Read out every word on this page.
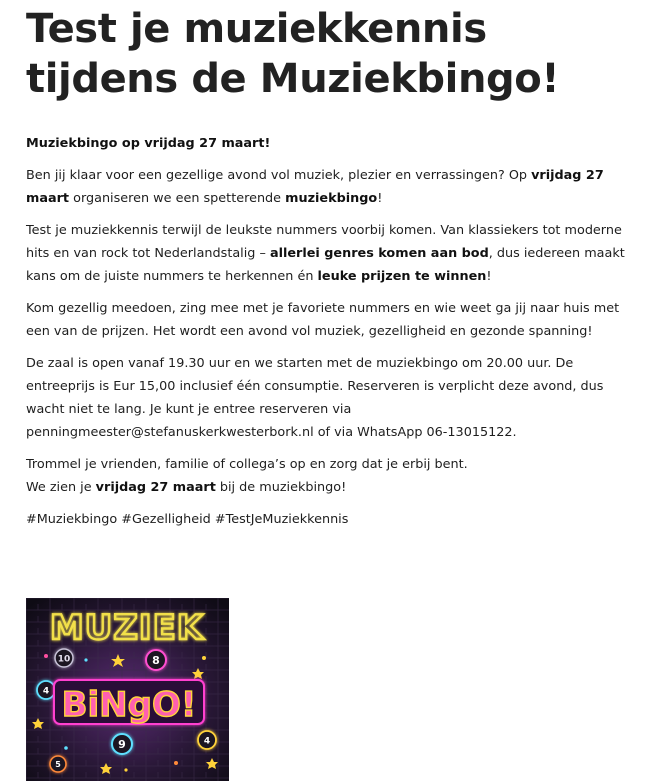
Test je muziekkennis tijdens de Muziekbingo!

Muziekbingo op vrijdag 27 maart!

Ben jij klaar voor een gezellige avond vol muziek, plezier en verrassingen? Op vrijdag 27 maart organiseren we een spetterende muziekbingo!

Test je muziekkennis terwijl de leukste nummers voorbij komen. Van klassiekers tot moderne hits en van rock tot Nederlandstalig – allerlei genres komen aan bod, dus iedereen maakt kans om de juiste nummers te herkennen én leuke prijzen te winnen!

Kom gezellig meedoen, zing mee met je favoriete nummers en wie weet ga jij naar huis met een van de prijzen. Het wordt een avond vol muziek, gezelligheid en gezonde spanning!

De zaal is open vanaf 19.30 uur en we starten met de muziekbingo om 20.00 uur. De entreeprijs is Eur 15,00 inclusief één consumptie. Reserveren is verplicht deze avond, dus wacht niet te lang. Je kunt je entree reserveren via penningmeester@stefanuskerkwesterbork.nl of via WhatsApp 06-13015122.

Trommel je vrienden, familie of collega’s op en zorg dat je erbij bent.
We zien je vrijdag 27 maart bij de muziekbingo!

#Muziekbingo #Gezelligheid #TestJeMuziekkennis

10	8
4
9	4
5
MUZIEK
BiNgO!
